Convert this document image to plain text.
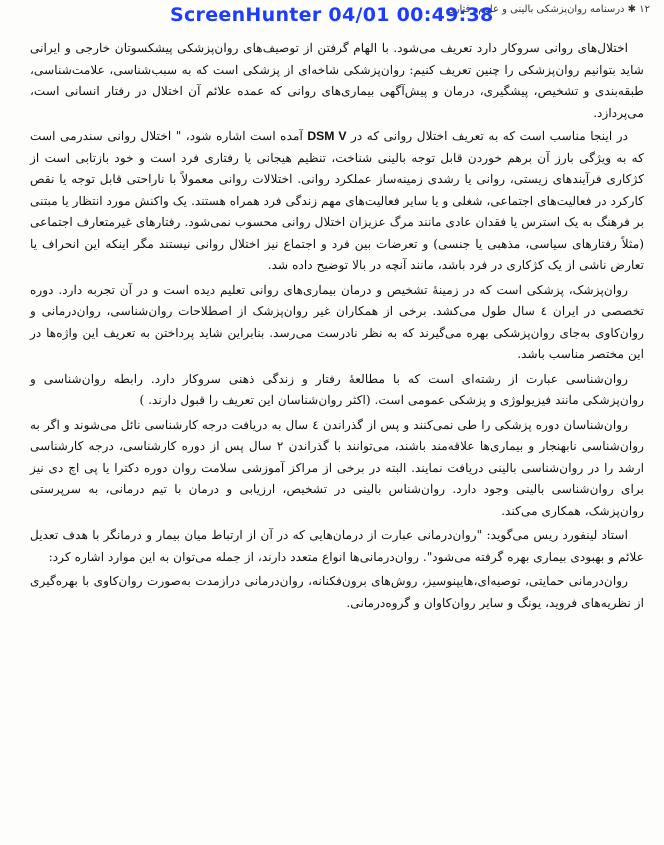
۱۲ ✱ درسنامه روان‌پزشکی بالینی و علوم رفتاری
ScreenHunter 04/01 00:49:38

اختلال‌های روانی سروکار دارد تعریف می‌شود. با الهام گرفتن از توصیف‌های روان‌پزشکی پیشکسوتان خارجی و ایرانی شاید بتوانیم روان‌پزشکی را چنین تعریف کنیم: روان‌پزشکی شاخه‌ای از پزشکی است که به سبب‌شناسی، علامت‌شناسی، طبقه‌بندی و تشخیص، پیشگیری، درمان و پیش‌آگهی بیماری‌های روانی که عمده علائم آن اختلال در رفتار انسانی است، می‌پردازد.

در اینجا مناسب است که به تعریف اختلال روانی که در DSM V آمده است اشاره شود، " اختلال روانی سندرمی است که به ویژگی بارز آن برهم خوردن قابل توجه بالینی شناخت، تنظیم هیجانی یا رفتاری فرد است و خود بازتابی است از کژکاری فرآیندهای زیستی، روانی یا رشدی زمینه‌ساز عملکرد روانی. اختلالات روانی معمولاً با ناراحتی قابل توجه یا نقص کارکرد در فعالیت‌های اجتماعی، شغلی و یا سایر فعالیت‌های مهم زندگی فرد همراه هستند. یک واکنش مورد انتظار یا مبتنی بر فرهنگ به یک استرس یا فقدان عادی مانند مرگ عزیزان اختلال روانی محسوب نمی‌شود. رفتارهای غیرمتعارف اجتماعی (مثلاً رفتارهای سیاسی، مذهبی یا جنسی) و تعرضات بین فرد و اجتماع نیز اختلال روانی نیستند مگر اینکه این انحراف یا تعارض ناشی از یک کژکاری در فرد باشد، مانند آنچه در بالا توضیح داده شد.

روان‌پزشک، پزشکی است که در زمینهٔ تشخیص و درمان بیماری‌های روانی تعلیم دیده است و در آن تجربه دارد. دوره تخصصی در ایران ٤ سال طول می‌کشد. برخی از همکاران غیر روان‌پزشک از اصطلاحات روان‌شناسی، روان‌درمانی و روان‌کاوی به‌جای روان‌پزشکی بهره می‌گیرند که به نظر نادرست می‌رسد. بنابراین شاید پرداختن به تعریف این واژه‌ها در این مختصر مناسب باشد.

روان‌شناسی عبارت از رشته‌ای است که با مطالعهٔ رفتار و زندگی ذهنی سروکار دارد. رابطه روان‌شناسی و روان‌پزشکی مانند فیزیولوژی و پزشکی عمومی است. (اکثر روان‌شناسان این تعریف را قبول دارند. )

روان‌شناسان دوره پزشکی را طی نمی‌کنند و پس از گذراندن ٤ سال به دریافت درجه کارشناسی نائل می‌شوند و اگر به روان‌شناسی نابهنجار و بیماری‌ها علاقه‌مند باشند، می‌توانند با گذراندن ٢ سال پس از دوره کارشناسی، درجه کارشناسی ارشد را در روان‌شناسی بالینی دریافت نمایند. البته در برخی از مراکز آموزشی سلامت روان دوره دکترا یا پی اچ دی نیز برای روان‌شناسی بالینی وجود دارد. روان‌شناس بالینی در تشخیص، ارزیابی و درمان با تیم درمانی، به سرپرستی روان‌پزشک، همکاری می‌کند.

استاد لینفورد ریس می‌گوید: "روان‌درمانی عبارت از درمان‌هایی که در آن از ارتباط میان بیمار و درمانگر با هدف تعدیل علائم و بهبودی بیماری بهره گرفته می‌شود". روان‌درمانی‌ها انواع متعدد دارند، از جمله می‌توان به این موارد اشاره کرد:

روان‌درمانی حمایتی، توصیه‌ای،هایپنوسیز، روش‌های برون‌فکنانه، روان‌درمانی درازمدت به‌صورت روان‌کاوی با بهره‌گیری از نظریه‌های فروید، یونگ و سایر روان‌کاوان و گروه‌درمانی.
